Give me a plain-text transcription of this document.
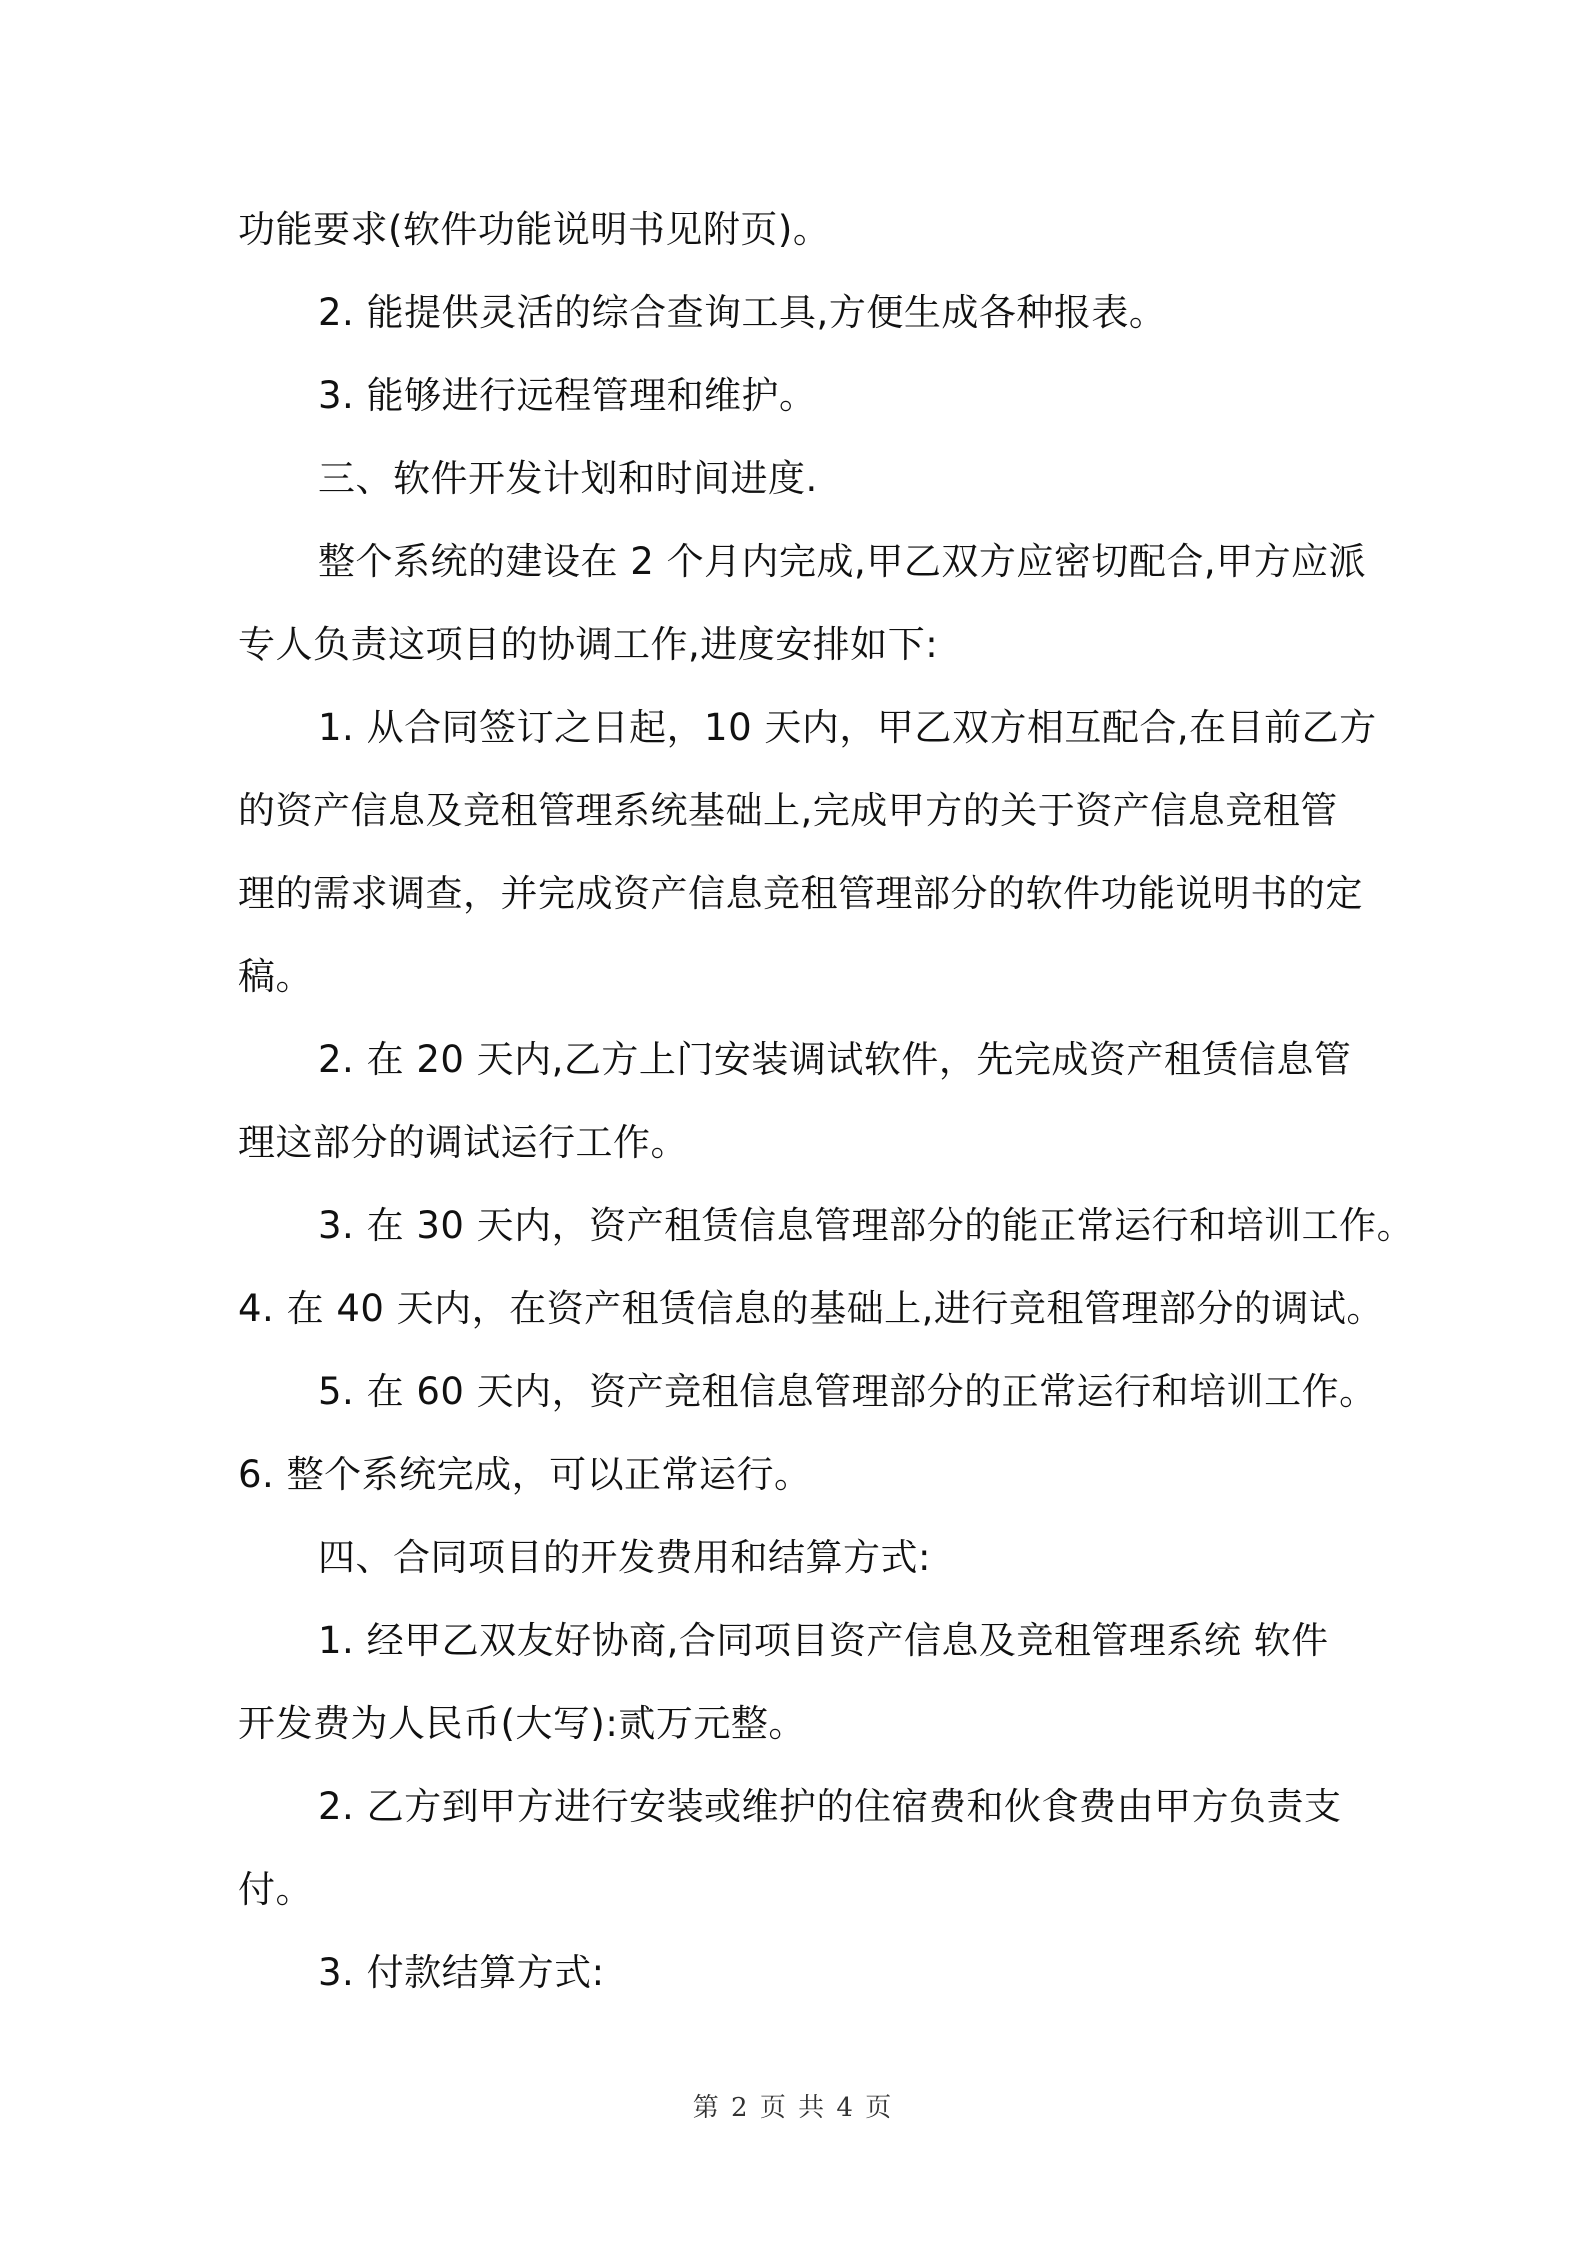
功能要求(软件功能说明书见附页)。
2. 能提供灵活的综合查询工具,方便生成各种报表。
3. 能够进行远程管理和维护。
三、软件开发计划和时间进度.
整个系统的建设在 2 个月内完成,甲乙双方应密切配合,甲方应派
专人负责这项目的协调工作,进度安排如下:
1. 从合同签订之日起，10 天内，甲乙双方相互配合,在目前乙方
的资产信息及竞租管理系统基础上,完成甲方的关于资产信息竞租管
理的需求调查，并完成资产信息竞租管理部分的软件功能说明书的定
稿。
2. 在 20 天内,乙方上门安装调试软件，先完成资产租赁信息管
理这部分的调试运行工作。
3. 在 30 天内，资产租赁信息管理部分的能正常运行和培训工作。
4. 在 40 天内，在资产租赁信息的基础上,进行竞租管理部分的调试。
5. 在 60 天内，资产竞租信息管理部分的正常运行和培训工作。
6. 整个系统完成，可以正常运行。
四、合同项目的开发费用和结算方式:
1. 经甲乙双友好协商,合同项目资产信息及竞租管理系统 软件
开发费为人民币(大写):贰万元整。
2. 乙方到甲方进行安装或维护的住宿费和伙食费由甲方负责支
付。
3. 付款结算方式:
第 2 页 共 4 页
